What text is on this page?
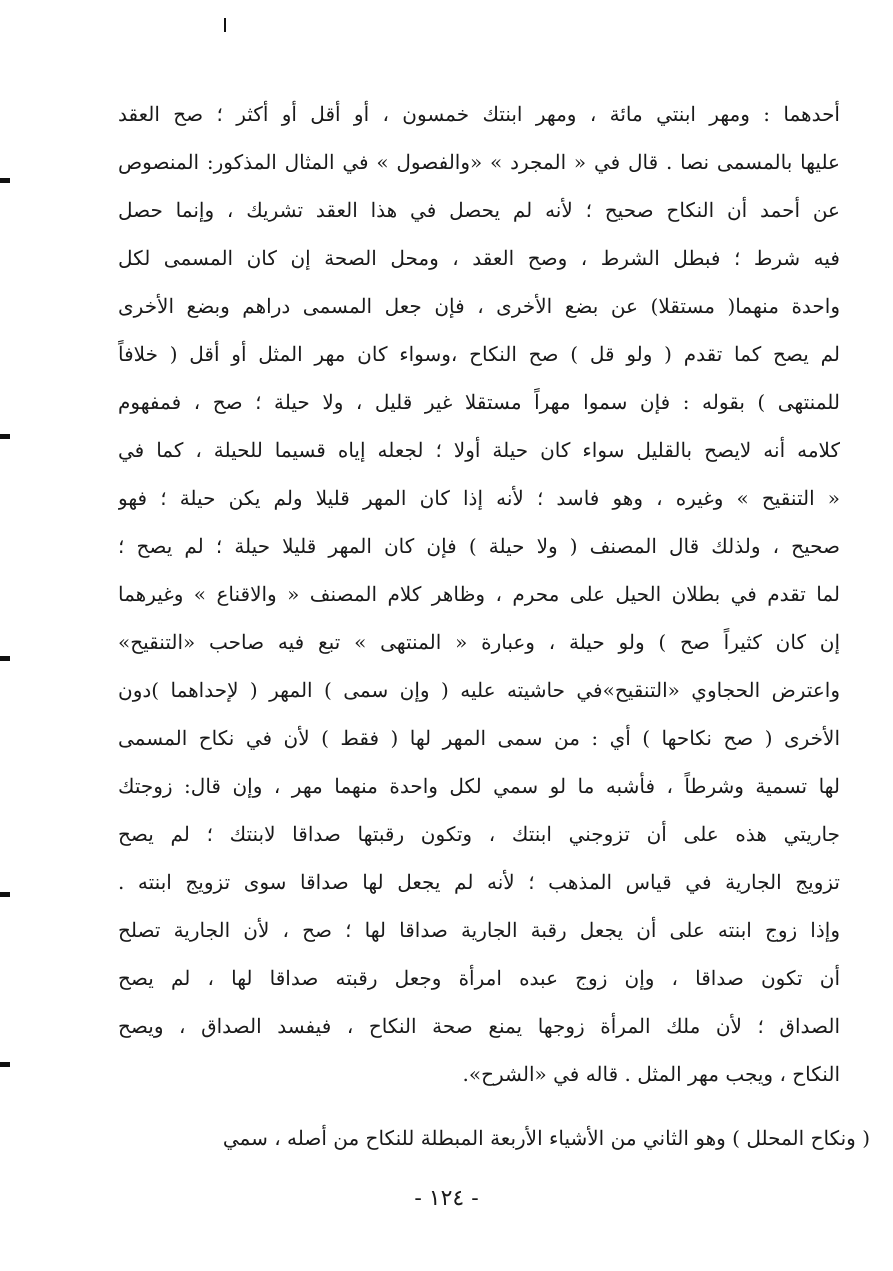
أحدهما : ومهر ابنتي مائة ، ومهر ابنتك خمسون ، أو أقل أو أكثر ؛ صح العقد
عليها بالمسمى نصا . قال في « المجرد » «والفصول » في المثال المذكور: المنصوص
عن أحمد أن النكاح صحيح ؛ لأنه لم يحصل في هذا العقد تشريك ، وإنما حصل
فيه شرط ؛ فبطل الشرط ، وصح العقد ، ومحل الصحة إن كان المسمى لكل
واحدة منهما( مستقلا) عن بضع الأخرى ، فإن جعل المسمى دراهم وبضع الأخرى
لم يصح كما تقدم ( ولو قل ) صح النكاح ،وسواء كان مهر المثل أو أقل ( خلافاً
للمنتهى ) بقوله : فإن سموا مهراً مستقلا غير قليل ، ولا حيلة ؛ صح ، فمفهوم
كلامه أنه لايصح بالقليل سواء كان حيلة أولا ؛ لجعله إياه قسيما للحيلة ، كما في
« التنقيح » وغيره ، وهو فاسد ؛ لأنه إذا كان المهر قليلا ولم يكن حيلة ؛ فهو
صحيح ، ولذلك قال المصنف ( ولا حيلة ) فإن كان المهر قليلا حيلة ؛ لم يصح ؛
لما تقدم في بطلان الحيل على محرم ، وظاهر كلام المصنف « والاقناع » وغيرهما
إن كان كثيراً صح ) ولو حيلة ، وعبارة « المنتهى » تبع فيه صاحب «التنقيح»
واعترض الحجاوي «التنقيح»في حاشيته عليه ( وإن سمى ) المهر ( لإحداهما )دون
الأخرى ( صح نكاحها ) أي : من سمى المهر لها ( فقط ) لأن في نكاح المسمى
لها تسمية وشرطاً ، فأشبه ما لو سمي لكل واحدة منهما مهر ، وإن قال: زوجتك
جاريتي هذه على أن تزوجني ابنتك ، وتكون رقبتها صداقا لابنتك ؛ لم يصح
تزويج الجارية في قياس المذهب ؛ لأنه لم يجعل لها صداقا سوى تزويج ابنته .
وإذا زوج ابنته على أن يجعل رقبة الجارية صداقا لها ؛ صح ، لأن الجارية تصلح
أن تكون صداقا ، وإن زوج عبده امرأة وجعل رقبته صداقا لها ، لم يصح
الصداق ؛ لأن ملك المرأة زوجها يمنع صحة النكاح ، فيفسد الصداق ، ويصح
النكاح ، ويجب مهر المثل . قاله في «الشرح».
( ونكاح المحلل ) وهو الثاني من الأشياء الأربعة المبطلة للنكاح من أصله ، سمي
- ١٢٤ -
